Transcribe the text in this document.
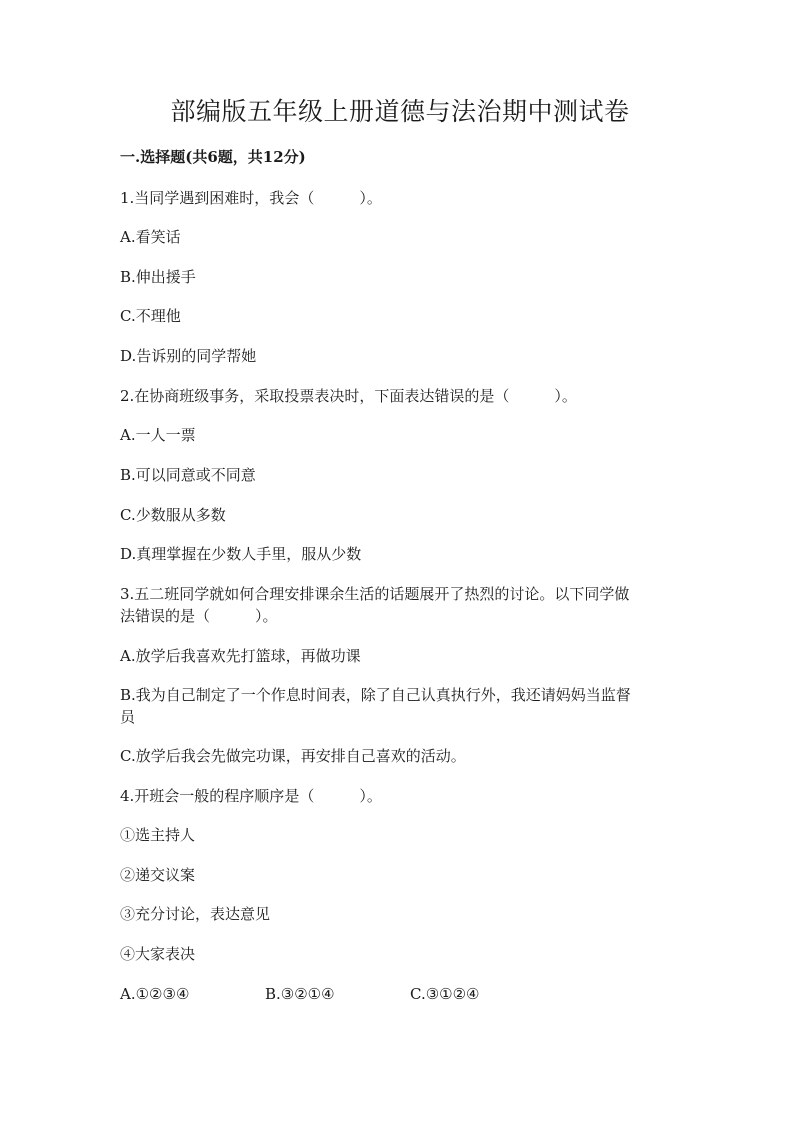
部编版五年级上册道德与法治期中测试卷
一.选择题(共6题，共12分)
1.当同学遇到困难时，我会（　　　）。
A.看笑话
B.伸出援手
C.不理他
D.告诉别的同学帮她
2.在协商班级事务，采取投票表决时，下面表达错误的是（　　　）。
A.一人一票
B.可以同意或不同意
C.少数服从多数
D.真理掌握在少数人手里，服从少数
3.五二班同学就如何合理安排课余生活的话题展开了热烈的讨论。以下同学做
法错误的是（　　　）。
A.放学后我喜欢先打篮球，再做功课
B.我为自己制定了一个作息时间表，除了自己认真执行外，我还请妈妈当监督
员
C.放学后我会先做完功课，再安排自己喜欢的活动。
4.开班会一般的程序顺序是（　　　）。
①选主持人
②递交议案
③充分讨论，表达意见
④大家表决
A.①②③④	B.③②①④	C.③①②④
